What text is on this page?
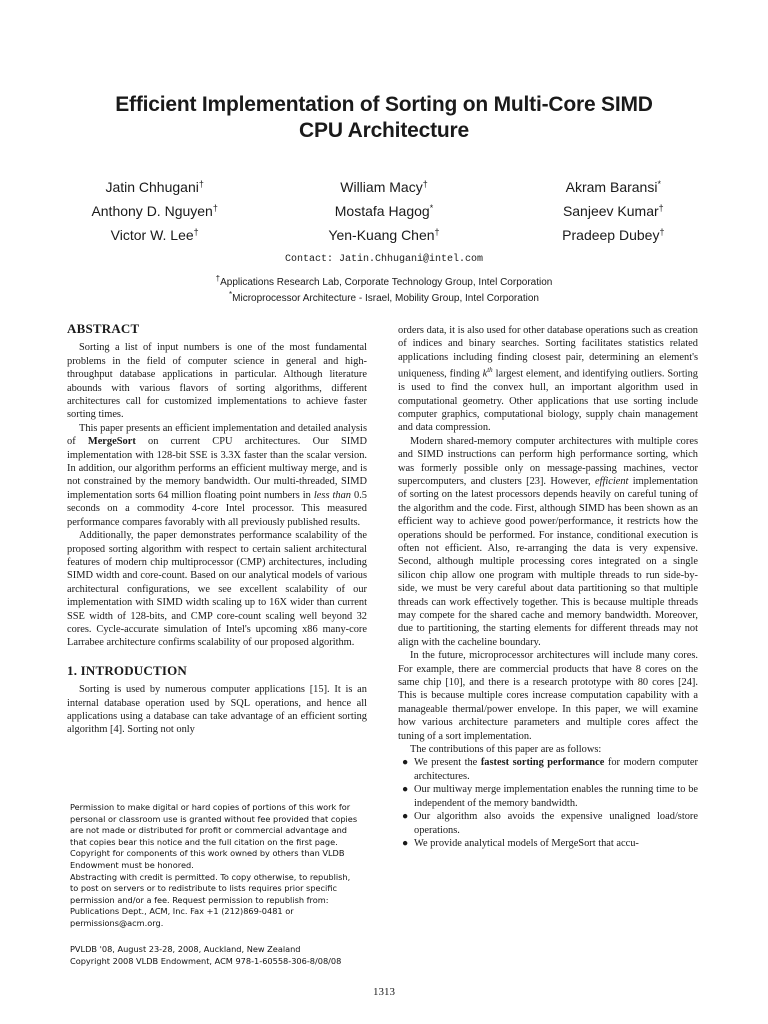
Efficient Implementation of Sorting on Multi-Core SIMD
CPU Architecture
Jatin Chhugani†
Anthony D. Nguyen†
Victor W. Lee†
William Macy†
Mostafa Hagog*
Yen-Kuang Chen†
Akram Baransi*
Sanjeev Kumar†
Pradeep Dubey†
Contact: Jatin.Chhugani@intel.com
†Applications Research Lab, Corporate Technology Group, Intel Corporation
*Microprocessor Architecture - Israel, Mobility Group, Intel Corporation
ABSTRACT

Sorting a list of input numbers is one of the most fundamental problems in the field of computer science in general and high-throughput database applications in particular. Although literature abounds with various flavors of sorting algorithms, different architectures call for customized implementations to achieve faster sorting times.

This paper presents an efficient implementation and detailed analysis of MergeSort on current CPU architectures. Our SIMD implementation with 128-bit SSE is 3.3X faster than the scalar version. In addition, our algorithm performs an efficient multiway merge, and is not constrained by the memory bandwidth. Our multi-threaded, SIMD implementation sorts 64 million floating point numbers in less than 0.5 seconds on a commodity 4-core Intel processor. This measured performance compares favorably with all previously published results.

Additionally, the paper demonstrates performance scalability of the proposed sorting algorithm with respect to certain salient architectural features of modern chip multiprocessor (CMP) architectures, including SIMD width and core-count. Based on our analytical models of various architectural configurations, we see excellent scalability of our implementation with SIMD width scaling up to 16X wider than current SSE width of 128-bits, and CMP core-count scaling well beyond 32 cores. Cycle-accurate simulation of Intel's upcoming x86 many-core Larrabee architecture confirms scalability of our proposed algorithm.

1. INTRODUCTION

Sorting is used by numerous computer applications [15]. It is an internal database operation used by SQL operations, and hence all applications using a database can take advantage of an efficient sorting algorithm [4]. Sorting not only

Permission to make digital or hard copies of portions of this work for
personal or classroom use is granted without fee provided that copies
are not made or distributed for profit or commercial advantage and
that copies bear this notice and the full citation on the first page.
Copyright for components of this work owned by others than VLDB
Endowment must be honored.
Abstracting with credit is permitted. To copy otherwise, to republish,
to post on servers or to redistribute to lists requires prior specific
permission and/or a fee. Request permission to republish from:
Publications Dept., ACM, Inc. Fax +1 (212)869-0481 or
permissions@acm.org.
PVLDB '08, August 23-28, 2008, Auckland, New Zealand
Copyright 2008 VLDB Endowment, ACM 978-1-60558-306-8/08/08

orders data, it is also used for other database operations such as creation of indices and binary searches. Sorting facilitates statistics related applications including finding closest pair, determining an element's uniqueness, finding $k^{th}$ largest element, and identifying outliers. Sorting is used to find the convex hull, an important algorithm used in computational geometry. Other applications that use sorting include computer graphics, computational biology, supply chain management and data compression.

Modern shared-memory computer architectures with multiple cores and SIMD instructions can perform high performance sorting, which was formerly possible only on message-passing machines, vector supercomputers, and clusters [23]. However, efficient implementation of sorting on the latest processors depends heavily on careful tuning of the algorithm and the code. First, although SIMD has been shown as an efficient way to achieve good power/performance, it restricts how the operations should be performed. For instance, conditional execution is often not efficient. Also, re-arranging the data is very expensive. Second, although multiple processing cores integrated on a single silicon chip allow one program with multiple threads to run side-by-side, we must be very careful about data partitioning so that multiple threads can work effectively together. This is because multiple threads may compete for the shared cache and memory bandwidth. Moreover, due to partitioning, the starting elements for different threads may not align with the cacheline boundary.

In the future, microprocessor architectures will include many cores. For example, there are commercial products that have 8 cores on the same chip [10], and there is a research prototype with 80 cores [24]. This is because multiple cores increase computation capability with a manageable thermal/power envelope. In this paper, we will examine how various architecture parameters and multiple cores affect the tuning of a sort implementation.

The contributions of this paper are as follows:

● We present the fastest sorting performance for modern computer architectures.
● Our multiway merge implementation enables the running time to be independent of the memory bandwidth.
● Our algorithm also avoids the expensive unaligned load/store operations.
● We provide analytical models of MergeSort that accu-
1313
